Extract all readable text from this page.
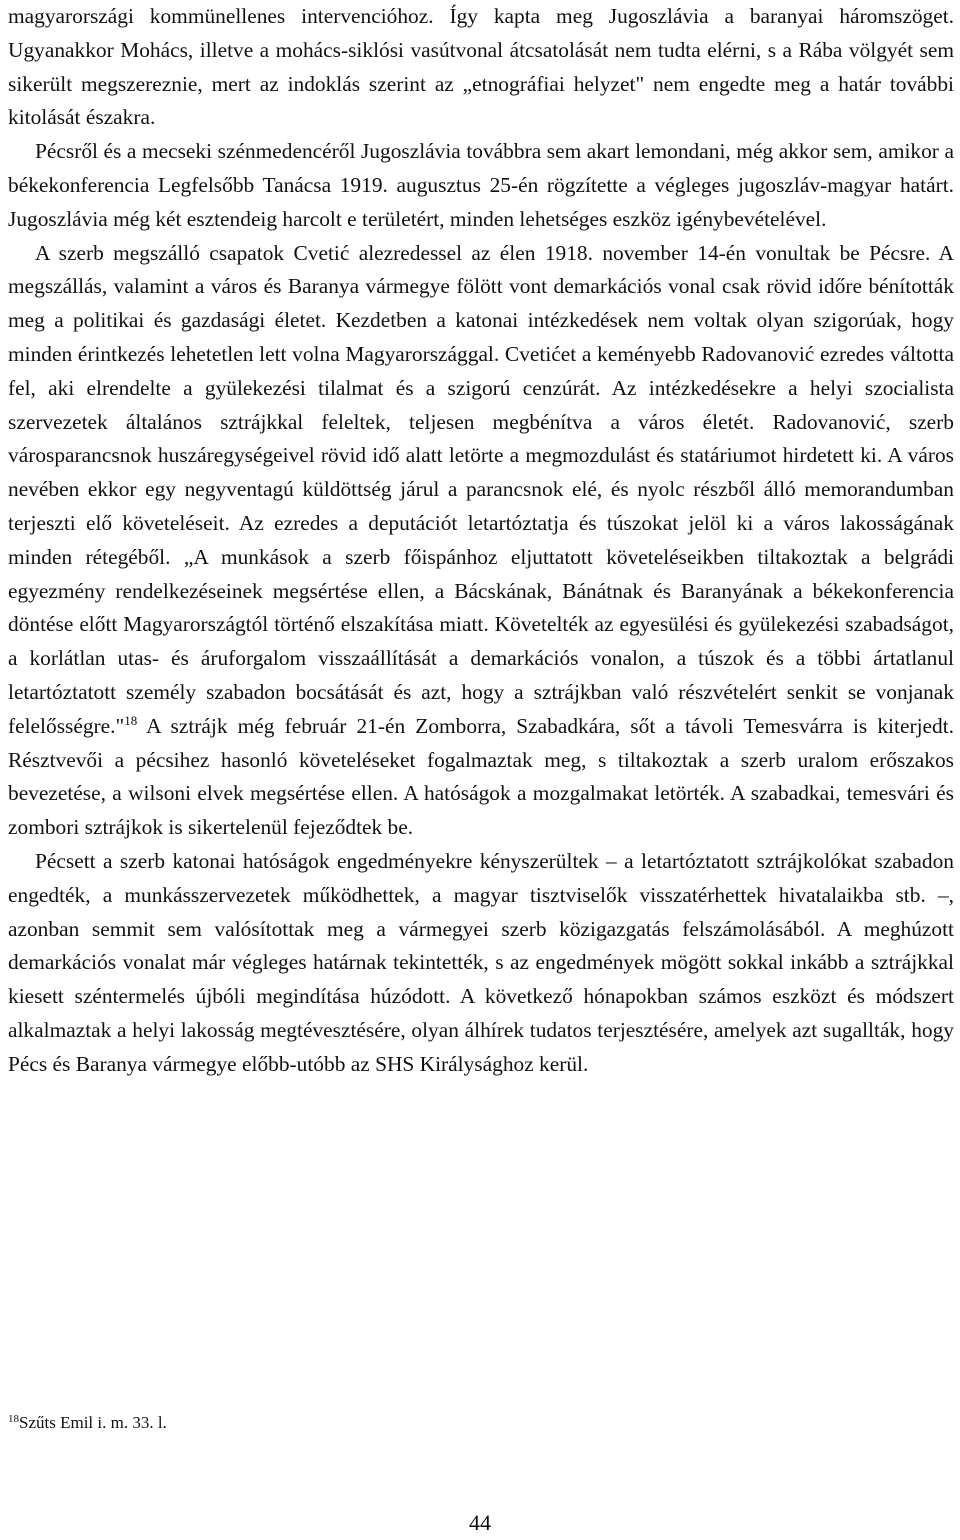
magyarországi kommünellenes intervencióhoz. Így kapta meg Jugoszlávia a baranyai háromszöget. Ugyanakkor Mohács, illetve a mohács-siklósi vasútvonal átcsatolását nem tudta elérni, s a Rába völgyét sem sikerült megszereznie, mert az indoklás szerint az „etnográfiai helyzet" nem engedte meg a határ további kitolását északra.

Pécsről és a mecseki szénmedencéről Jugoszlávia továbbra sem akart lemondani, még akkor sem, amikor a békekonferencia Legfelsőbb Tanácsa 1919. augusztus 25-én rögzítette a végleges jugoszláv-magyar határt. Jugoszlávia még két esztendeig harcolt e területért, minden lehetséges eszköz igénybevételével.

A szerb megszálló csapatok Cvetić alezredessel az élen 1918. november 14-én vonultak be Pécsre. A megszállás, valamint a város és Baranya vármegye fölött vont demarkációs vonal csak rövid időre bénították meg a politikai és gazdasági életet. Kezdetben a katonai intézkedések nem voltak olyan szigorúak, hogy minden érintkezés lehetetlen lett volna Magyarországgal. Cvetićet a keményebb Radovanović ezredes váltotta fel, aki elrendelte a gyülekezési tilalmat és a szigorú cenzúrát. Az intézkedésekre a helyi szocialista szervezetek általános sztrájkkal feleltek, teljesen megbénítva a város életét. Radovanović, szerb városparancsnok huszáregységeivel rövid idő alatt letörte a megmozdulást és statáriumot hirdetett ki. A város nevében ekkor egy negyventagú küldöttség járul a parancsnok elé, és nyolc részből álló memorandumban terjeszti elő követeléseit. Az ezredes a deputációt letartóztatja és túszokat jelöl ki a város lakosságának minden rétegéből. „A munkások a szerb főispánhoz eljuttatott követeléseikben tiltakoztak a belgrádi egyezmény rendelkezéseinek megsértése ellen, a Bácskának, Bánátnak és Baranyának a békekonferencia döntése előtt Magyarországtól történő elszakítása miatt. Követelték az egyesülési és gyülekezési szabadságot, a korlátlan utas- és áruforgalom visszaállítását a demarkációs vonalon, a túszok és a többi ártatlanul letartóztatott személy szabadon bocsátását és azt, hogy a sztrájkban való részvételért senkit se vonjanak felelősségre."$^{18}$ A sztrájk még február 21-én Zomborra, Szabadkára, sőt a távoli Temesvárra is kiterjedt. Résztvevői a pécsihez hasonló követeléseket fogalmaztak meg, s tiltakoztak a szerb uralom erőszakos bevezetése, a wilsoni elvek megsértése ellen. A hatóságok a mozgalmakat letörték. A szabadkai, temesvári és zombori sztrájkok is sikertelenül fejeződtek be.

Pécsett a szerb katonai hatóságok engedményekre kényszerültek – a letartóztatott sztrájkolókat szabadon engedték, a munkásszervezetek működhettek, a magyar tisztviselők visszatérhettek hivatalaikba stb. –, azonban semmit sem valósítottak meg a vármegyei szerb közigazgatás felszámolásából. A meghúzott demarkációs vonalat már végleges határnak tekintették, s az engedmények mögött sokkal inkább a sztrájkkal kiesett széntermelés újbóli megindítása húzódott. A következő hónapokban számos eszközt és módszert alkalmaztak a helyi lakosság megtévesztésére, olyan álhírek tudatos terjesztésére, amelyek azt sugallták, hogy Pécs és Baranya vármegye előbb-utóbb az SHS Királysághoz kerül.

$^{18}$Szűts Emil i. m. 33. l.

44
